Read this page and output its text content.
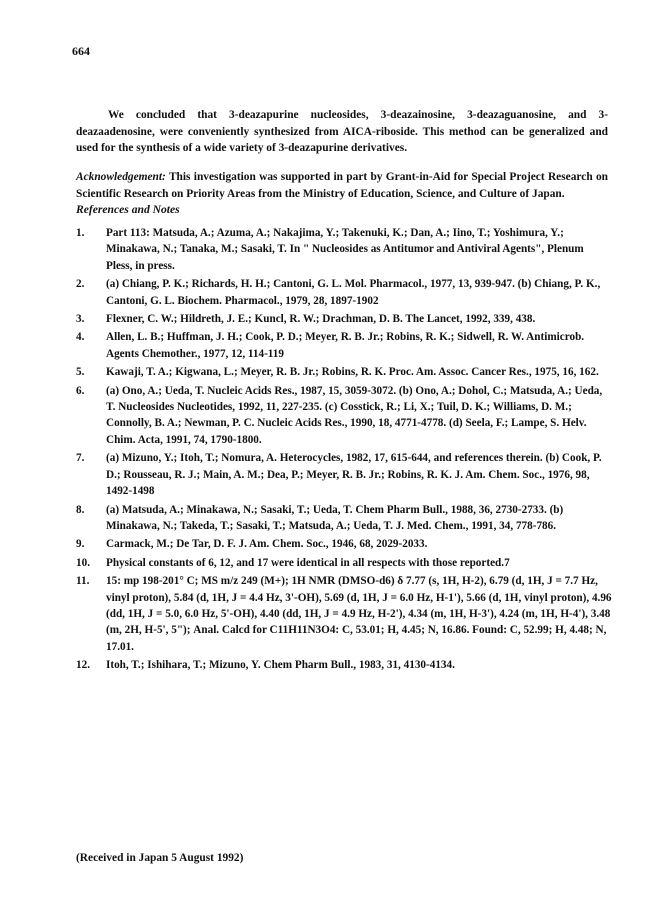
664

We concluded that 3-deazapurine nucleosides, 3-deazainosine, 3-deazaguanosine, and 3-deazaadenosine, were conveniently synthesized from AICA-riboside. This method can be generalized and used for the synthesis of a wide variety of 3-deazapurine derivatives.

Acknowledgement: This investigation was supported in part by Grant-in-Aid for Special Project Research on Scientific Research on Priority Areas from the Ministry of Education, Science, and Culture of Japan.

References and Notes
1.	Part 113: Matsuda, A.; Azuma, A.; Nakajima, Y.; Takenuki, K.; Dan, A.; Iino, T.; Yoshimura, Y.; Minakawa, N.; Tanaka, M.; Sasaki, T. In " Nucleosides as Antitumor and Antiviral Agents", Plenum Pless, in press.
2.	(a) Chiang, P. K.; Richards, H. H.; Cantoni, G. L. Mol. Pharmacol., 1977, 13, 939-947. (b) Chiang, P. K., Cantoni, G. L. Biochem. Pharmacol., 1979, 28, 1897-1902
3.	Flexner, C. W.; Hildreth, J. E.; Kuncl, R. W.; Drachman, D. B. The Lancet, 1992, 339, 438.
4.	Allen, L. B.; Huffman, J. H.; Cook, P. D.; Meyer, R. B. Jr.; Robins, R. K.; Sidwell, R. W. Antimicrob. Agents Chemother., 1977, 12, 114-119
5.	Kawaji, T. A.; Kigwana, L.; Meyer, R. B. Jr.; Robins, R. K. Proc. Am. Assoc. Cancer Res., 1975, 16, 162.
6.	(a) Ono, A.; Ueda, T. Nucleic Acids Res., 1987, 15, 3059-3072. (b) Ono, A.; Dohol, C.; Matsuda, A.; Ueda, T. Nucleosides Nucleotides, 1992, 11, 227-235. (c) Cosstick, R.; Li, X.; Tuil, D. K.; Williams, D. M.; Connolly, B. A.; Newman, P. C. Nucleic Acids Res., 1990, 18, 4771-4778. (d) Seela, F.; Lampe, S. Helv. Chim. Acta, 1991, 74, 1790-1800.
7.	(a) Mizuno, Y.; Itoh, T.; Nomura, A. Heterocycles, 1982, 17, 615-644, and references therein. (b) Cook, P. D.; Rousseau, R. J.; Main, A. M.; Dea, P.; Meyer, R. B. Jr.; Robins, R. K. J. Am. Chem. Soc., 1976, 98, 1492-1498
8.	(a) Matsuda, A.; Minakawa, N.; Sasaki, T.; Ueda, T. Chem Pharm Bull., 1988, 36, 2730-2733. (b) Minakawa, N.; Takeda, T.; Sasaki, T.; Matsuda, A.; Ueda, T. J. Med. Chem., 1991, 34, 778-786.
9.	Carmack, M.; De Tar, D. F. J. Am. Chem. Soc., 1946, 68, 2029-2033.
10.	Physical constants of 6, 12, and 17 were identical in all respects with those reported.7
11.	15: mp 198-201° C; MS m/z 249 (M+); 1H NMR (DMSO-d6) δ 7.77 (s, 1H, H-2), 6.79 (d, 1H, J = 7.7 Hz, vinyl proton), 5.84 (d, 1H, J = 4.4 Hz, 3'-OH), 5.69 (d, 1H, J = 6.0 Hz, H-1'), 5.66 (d, 1H, vinyl proton), 4.96 (dd, 1H, J = 5.0, 6.0 Hz, 5'-OH), 4.40 (dd, 1H, J = 4.9 Hz, H-2'), 4.34 (m, 1H, H-3'), 4.24 (m, 1H, H-4'), 3.48 (m, 2H, H-5', 5"); Anal. Calcd for C11H11N3O4: C, 53.01; H, 4.45; N, 16.86. Found: C, 52.99; H, 4.48; N, 17.01.
12.	Itoh, T.; Ishihara, T.; Mizuno, Y. Chem Pharm Bull., 1983, 31, 4130-4134.
(Received in Japan 5 August 1992)
